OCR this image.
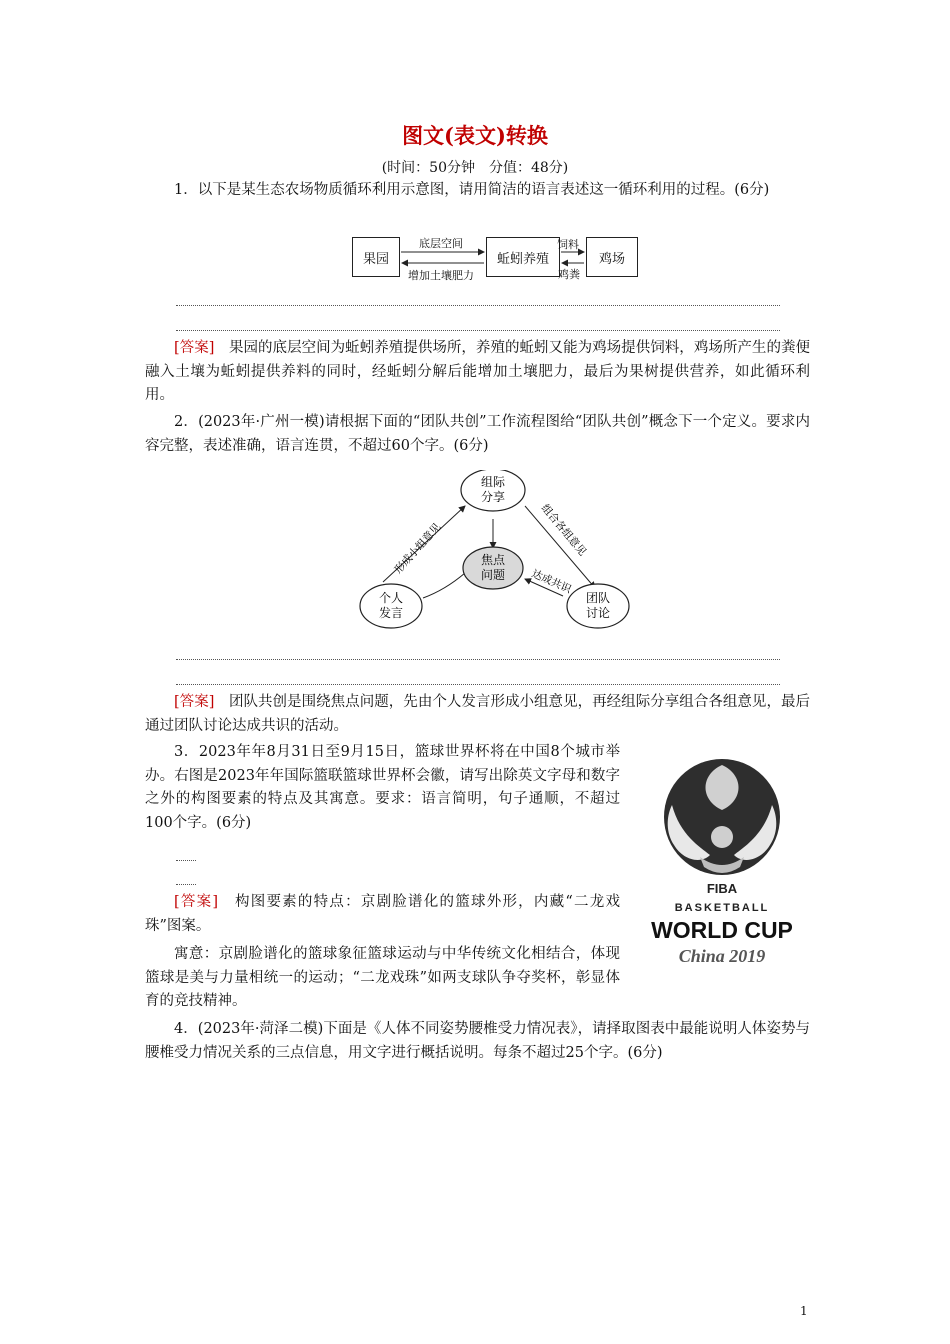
图文(表文)转换
(时间：50分钟　分值：48分)

1．以下是某生态农场物质循环利用示意图，请用简洁的语言表述这一循环利用的过程。(6分)

果园	蚯蚓养殖	鸡场
底层空间
增加土壤肥力
饲料
鸡粪

[答案]　 果园的底层空间为蚯蚓养殖提供场所，养殖的蚯蚓又能为鸡场提供饲料，鸡场所产生的粪便融入土壤为蚯蚓提供养料的同时，经蚯蚓分解后能增加土壤肥力，最后为果树提供营养，如此循环利用。

2．(2023年·广州一模)请根据下面的“团队共创”工作流程图给“团队共创”概念下一个定义。要求内容完整，表述准确，语言连贯，不超过60个字。(6分)

组际
分享
焦点
问题
个人
发言
团队
讨论
形成小组意见	组合各组意见
达成共识

[答案]　 团队共创是围绕焦点问题，先由个人发言形成小组意见，再经组际分享组合各组意见，最后通过团队讨论达成共识的活动。

3．2023年年8月31日至9月15日，篮球世界杯将在中国8个城市举办。右图是2023年年国际篮联篮球世界杯会徽，请写出除英文字母和数字之外的构图要素的特点及其寓意。要求：语言简明，句子通顺，不超过100个字。(6分)

[答案]　 构图要素的特点：京剧脸谱化的篮球外形，内藏“二龙戏珠”图案。

寓意：京剧脸谱化的篮球象征篮球运动与中华传统文化相结合，体现篮球是美与力量相统一的运动；“二龙戏珠”如两支球队争夺奖杯，彰显体育的竞技精神。

FIBA
BASKETBALL
WORLD CUP
China 2019

4．(2023年·菏泽二模)下面是《人体不同姿势腰椎受力情况表》，请择取图表中最能说明人体姿势与腰椎受力情况关系的三点信息，用文字进行概括说明。每条不超过25个字。(6分)

1
